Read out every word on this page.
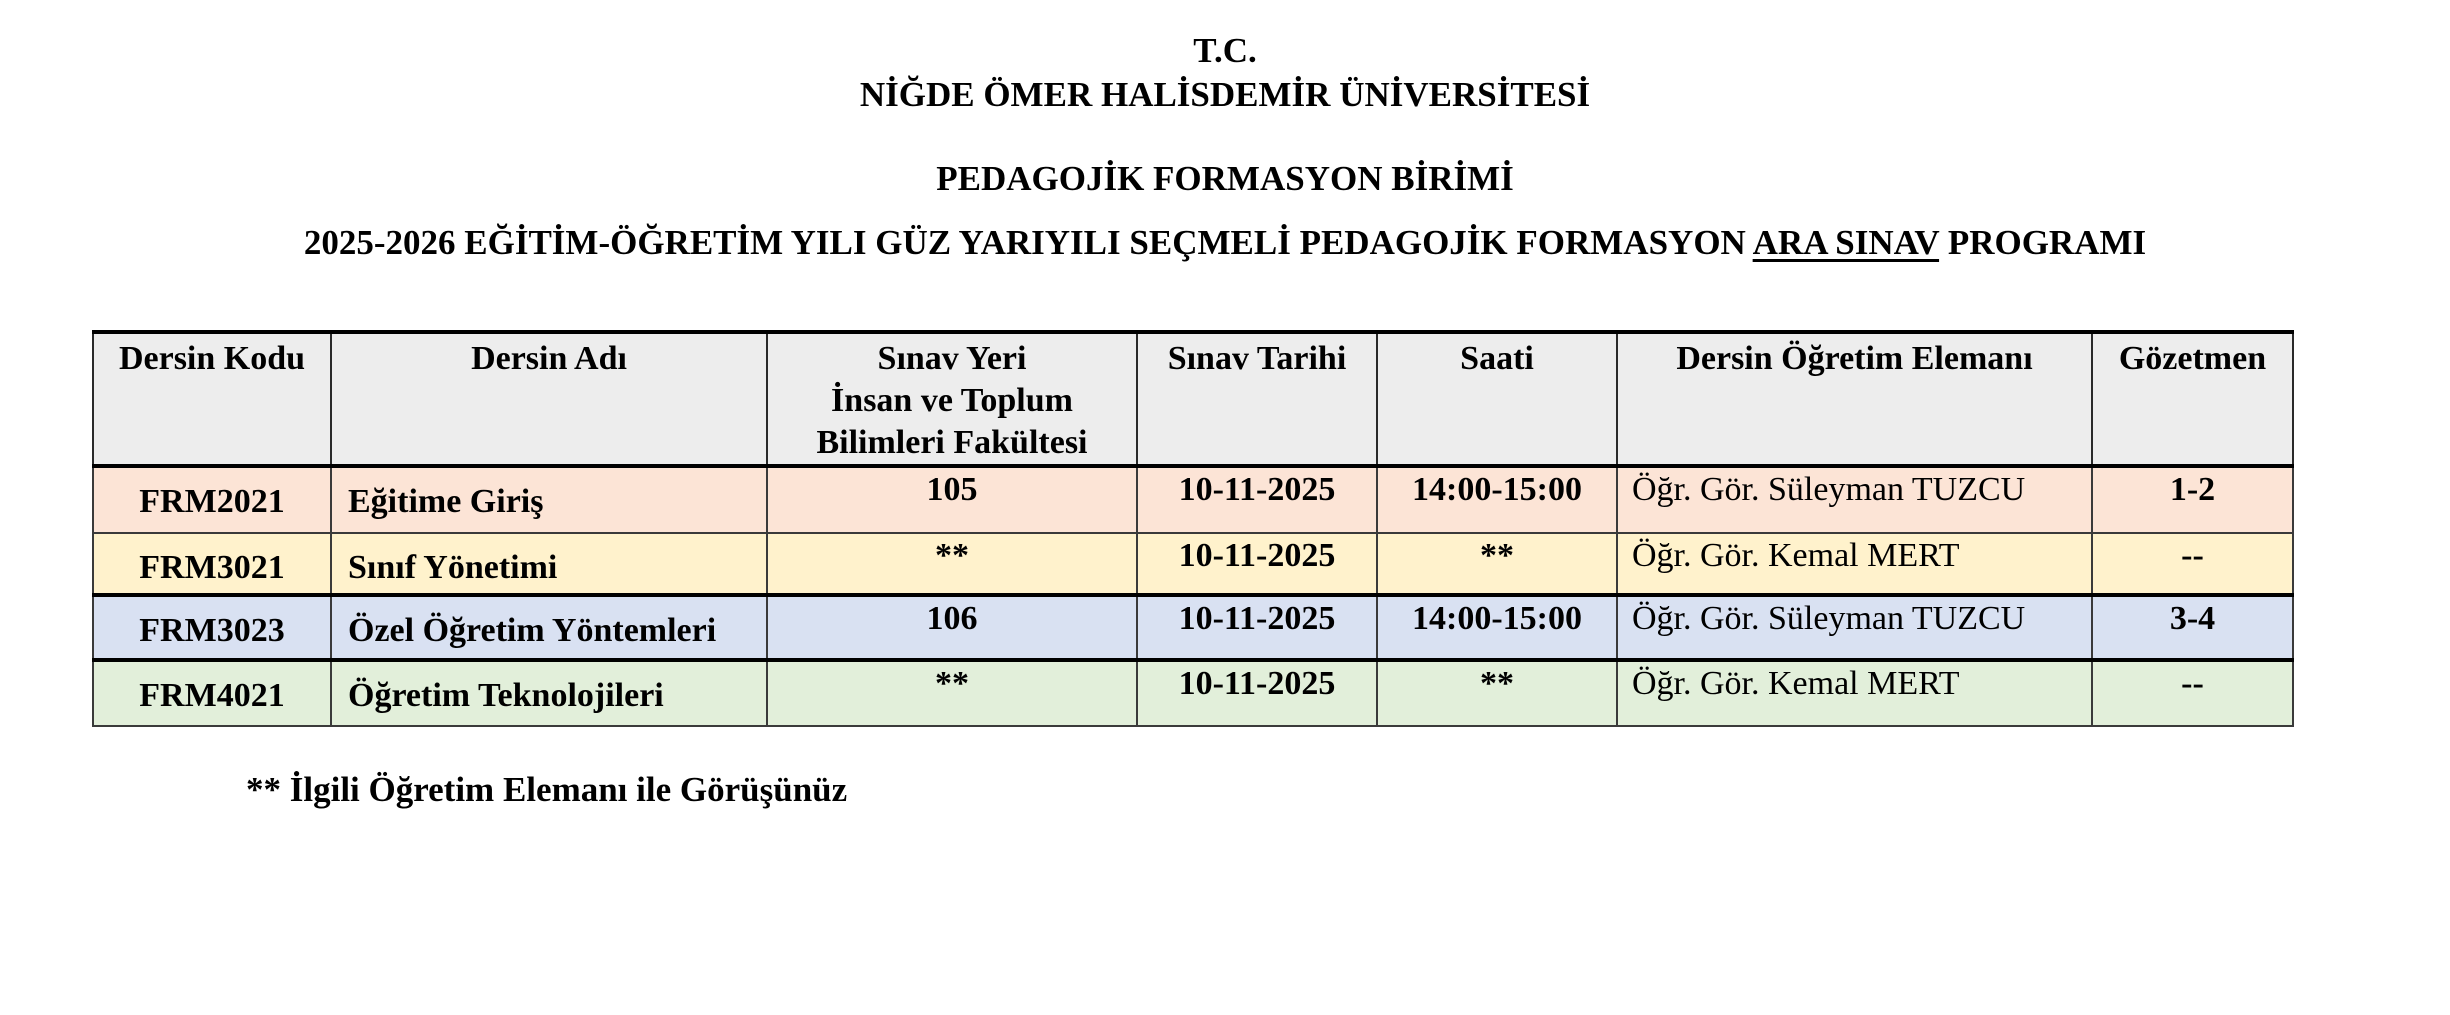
T.C.
NİĞDE ÖMER HALİSDEMİR ÜNİVERSİTESİ
PEDAGOJİK FORMASYON BİRİMİ
2025-2026 EĞİTİM-ÖĞRETİM YILI GÜZ YARIYILI SEÇMELİ PEDAGOJİK FORMASYON ARA SINAV PROGRAMI
Dersin Kodu	Dersin Adı	Sınav Yeri
İnsan ve Toplum
Bilimleri Fakültesi	Sınav Tarihi	Saati	Dersin Öğretim Elemanı	Gözetmen
FRM2021	Eğitime Giriş	105	10-11-2025	14:00-15:00	Öğr. Gör. Süleyman TUZCU	1-2
FRM3021	Sınıf Yönetimi	**	10-11-2025	**	Öğr. Gör. Kemal MERT	--
FRM3023	Özel Öğretim Yöntemleri	106	10-11-2025	14:00-15:00	Öğr. Gör. Süleyman TUZCU	3-4
FRM4021	Öğretim Teknolojileri	**	10-11-2025	**	Öğr. Gör. Kemal MERT	--
** İlgili Öğretim Elemanı ile Görüşünüz
